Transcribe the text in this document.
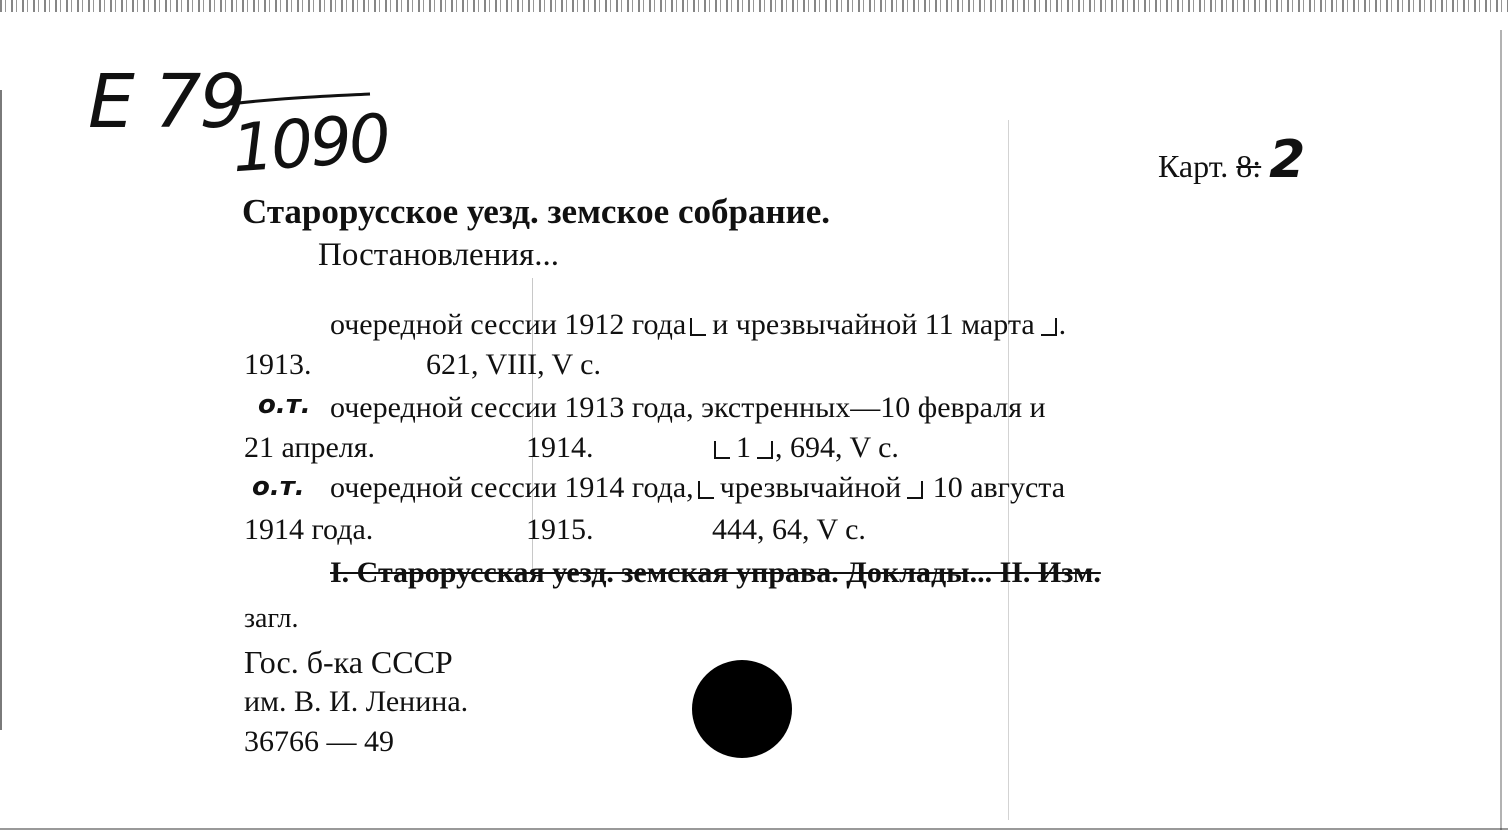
E 79
1090	Карт. 8: 2
Старорусское уезд. земское собрание.
Постановления...
очередной сессии 1912 года и чрезвычайной 11 марта .
1913.	621, VIII, V с.
о.т. очередной сессии 1913 года, экстренных—10 февраля и
21 апреля.	1914.	1 , 694, V с.
о.т. очередной сессии 1914 года, чрезвычайной 10 августа
1914 года.	1915.	444, 64, V с.
I. Старорусская уезд. земская управа. Доклады... II. Изм.
загл.
Гос. б-ка СССР
им. В. И. Ленина.
36766 — 49
